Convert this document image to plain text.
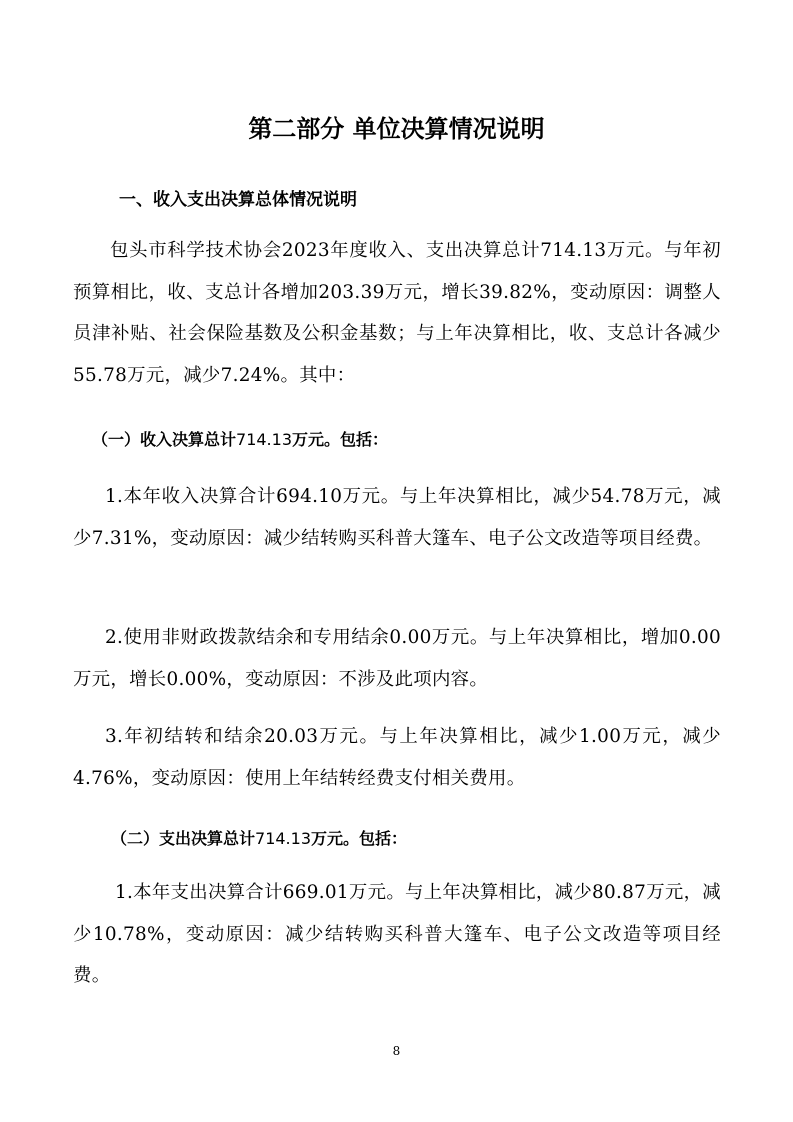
第二部分 单位决算情况说明
一、收入支出决算总体情况说明
包头市科学技术协会2023年度收入、支出决算总计714.13万元。与年初预算相比，收、支总计各增加203.39万元，增长39.82%，变动原因：调整人员津补贴、社会保险基数及公积金基数；与上年决算相比，收、支总计各减少55.78万元，减少7.24%。其中：
（一）收入决算总计714.13万元。包括：
1.本年收入决算合计694.10万元。与上年决算相比，减少54.78万元，减少7.31%，变动原因：减少结转购买科普大篷车、电子公文改造等项目经费。
2.使用非财政拨款结余和专用结余0.00万元。与上年决算相比，增加0.00万元，增长0.00%，变动原因：不涉及此项内容。
3.年初结转和结余20.03万元。与上年决算相比，减少1.00万元，减少4.76%，变动原因：使用上年结转经费支付相关费用。
（二）支出决算总计714.13万元。包括：
1.本年支出决算合计669.01万元。与上年决算相比，减少80.87万元，减少10.78%，变动原因：减少结转购买科普大篷车、电子公文改造等项目经费。
8
